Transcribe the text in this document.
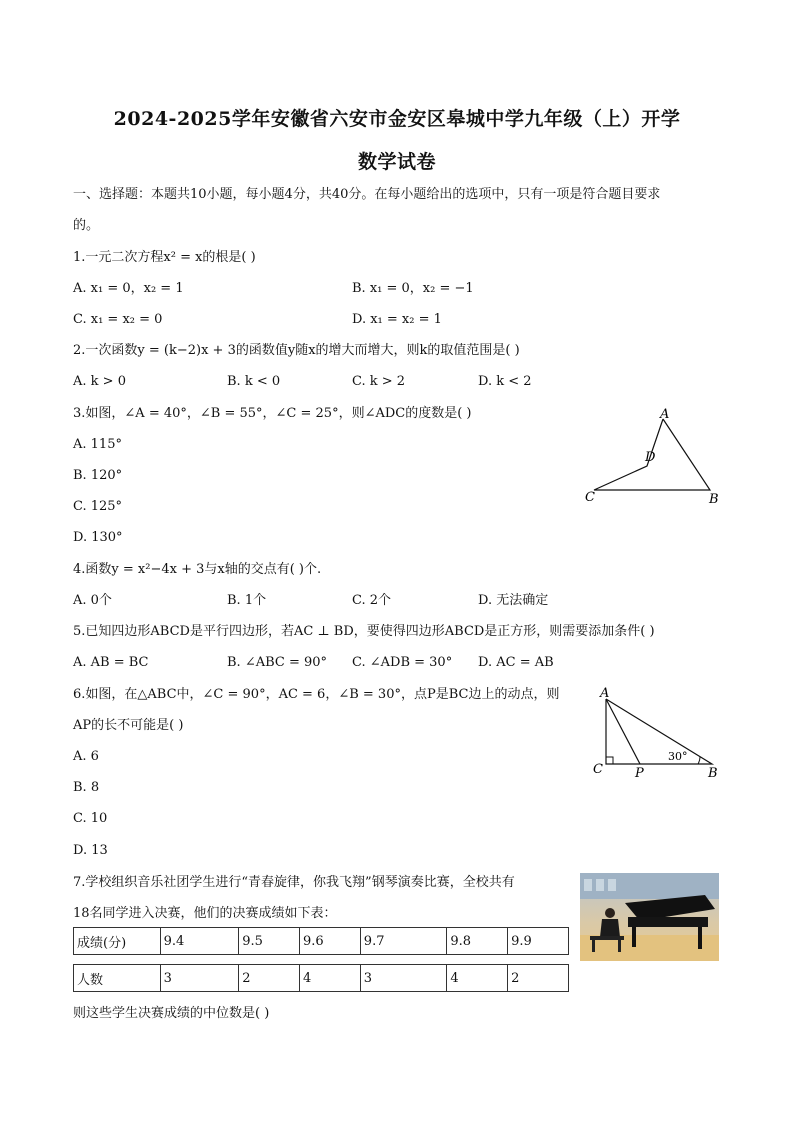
2024-2025学年安徽省六安市金安区皋城中学九年级（上）开学
数学试卷
一、选择题：本题共10小题，每小题4分，共40分。在每小题给出的选项中，只有一项是符合题目要求
的。
1.一元二次方程x² = x的根是( )
A. x₁ = 0，x₂ = 1	B. x₁ = 0，x₂ = −1
C. x₁ = x₂ = 0	D. x₁ = x₂ = 1
2.一次函数y = (k−2)x + 3的函数值y随x的增大而增大，则k的取值范围是( )
A. k > 0	B. k < 0	C. k > 2	D. k < 2
3.如图，∠A = 40°，∠B = 55°，∠C = 25°，则∠ADC的度数是( )
A. 115°
B. 120°
C. 125°
D. 130°
A
B
C
D
4.函数y = x²−4x + 3与x轴的交点有( )个.
A. 0个	B. 1个	C. 2个	D. 无法确定
5.已知四边形ABCD是平行四边形，若AC ⊥ BD，要使得四边形ABCD是正方形，则需要添加条件( )
A. AB = BC	B. ∠ABC = 90° C. ∠ADB = 30° D. AC = AB
6.如图，在△ABC中，∠C = 90°，AC = 6，∠B = 30°，点P是BC边上的动点，则
AP的长不可能是( )
A. 6
B. 8
C. 10
D. 13
A
C P	B
30°
7.学校组织音乐社团学生进行“青春旋律，你我飞翔”钢琴演奏比赛，全校共有
18名同学进入决赛，他们的决赛成绩如下表：
成绩(分)	9.4	9.5	9.6	9.7	9.8	9.9
人数	3	2	4	3	4	2
则这些学生决赛成绩的中位数是( )
